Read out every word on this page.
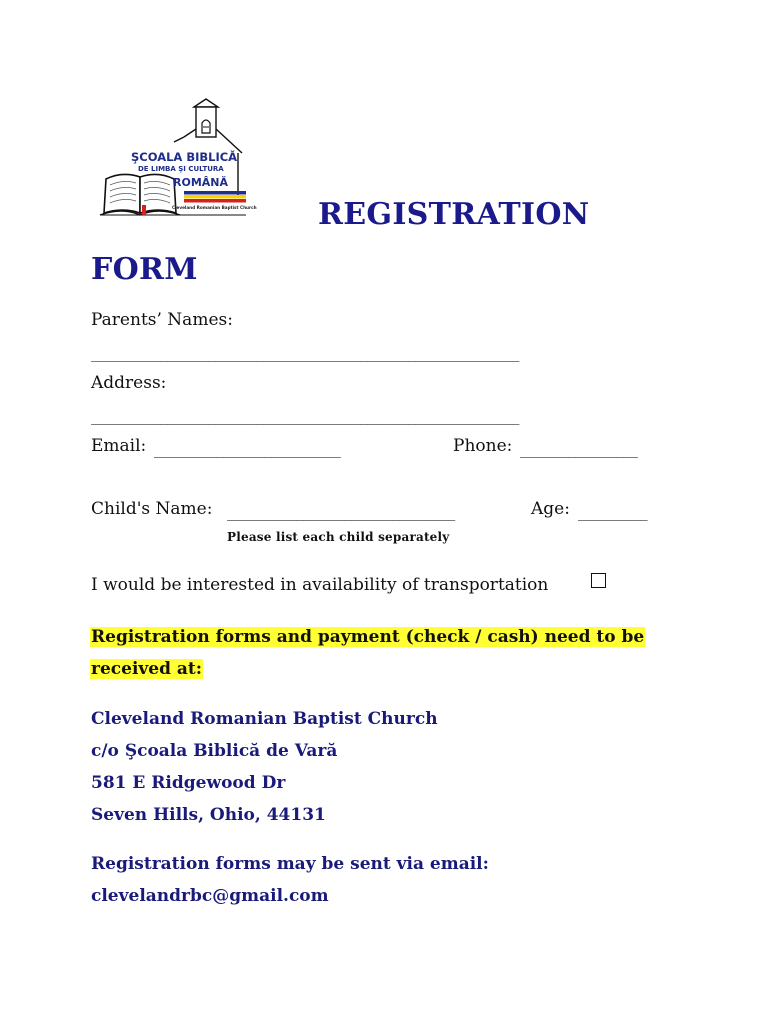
ŞCOALA BIBLICĂ
DE LIMBA ŞI CULTURA
ROMÂNĂ
Cleveland Romanian Baptist Church REGISTRATION
FORM
Parents’ Names:
______________________________________________________________
Address:
______________________________________________________________
Email: ___________________________	Phone: _________________
Child's Name: _________________________________	Age: __________
Please list each child separately
I would be interested in availability of transportation
Registration forms and payment (check / cash) need to be
received at:
Cleveland Romanian Baptist Church
c/o Şcoala Biblică de Vară
581 E Ridgewood Dr
Seven Hills, Ohio, 44131
Registration forms may be sent via email:
clevelandrbc@gmail.com
